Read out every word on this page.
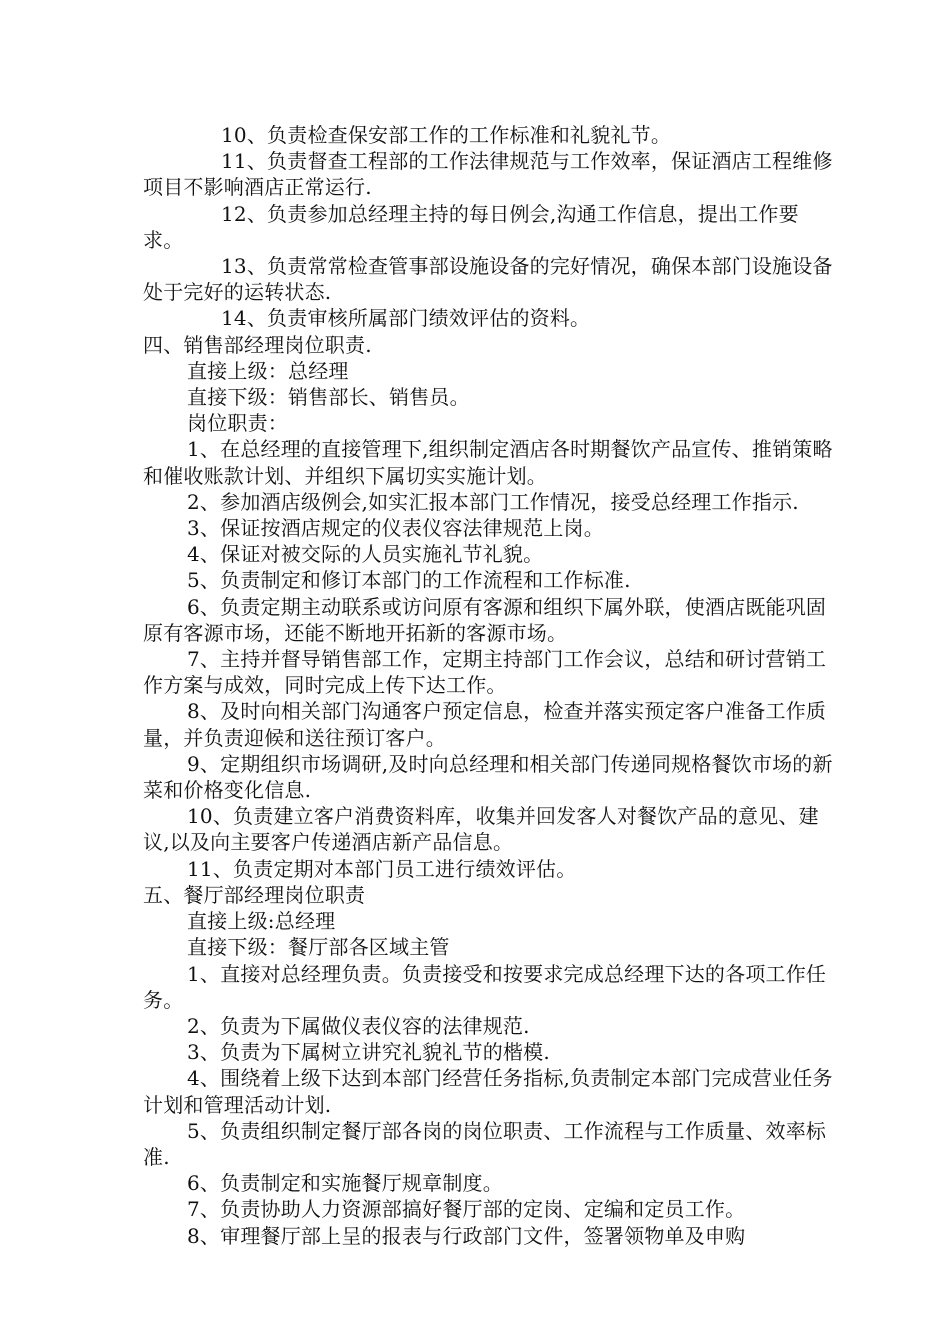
10、负责检查保安部工作的工作标准和礼貌礼节。

11、负责督查工程部的工作法律规范与工作效率，保证酒店工程维修项目不影响酒店正常运行.

12、负责参加总经理主持的每日例会,沟通工作信息，提出工作要求。

13、负责常常检查管事部设施设备的完好情况，确保本部门设施设备处于完好的运转状态.

14、负责审核所属部门绩效评估的资料。

四、销售部经理岗位职责.

直接上级：总经理

直接下级：销售部长、销售员。

岗位职责：

1、在总经理的直接管理下,组织制定酒店各时期餐饮产品宣传、推销策略和催收账款计划、并组织下属切实实施计划。

2、参加酒店级例会,如实汇报本部门工作情况，接受总经理工作指示.

3、保证按酒店规定的仪表仪容法律规范上岗。

4、保证对被交际的人员实施礼节礼貌。

5、负责制定和修订本部门的工作流程和工作标准.

6、负责定期主动联系或访问原有客源和组织下属外联，使酒店既能巩固原有客源市场，还能不断地开拓新的客源市场。

7、主持并督导销售部工作，定期主持部门工作会议，总结和研讨营销工作方案与成效，同时完成上传下达工作。

8、及时向相关部门沟通客户预定信息，检查并落实预定客户准备工作质量，并负责迎候和送往预订客户。

9、定期组织市场调研,及时向总经理和相关部门传递同规格餐饮市场的新菜和价格变化信息.

10、负责建立客户消费资料库，收集并回发客人对餐饮产品的意见、建议,以及向主要客户传递酒店新产品信息。

11、负责定期对本部门员工进行绩效评估。

五、餐厅部经理岗位职责

直接上级:总经理

直接下级：餐厅部各区域主管

1、直接对总经理负责。负责接受和按要求完成总经理下达的各项工作任务。

2、负责为下属做仪表仪容的法律规范.

3、负责为下属树立讲究礼貌礼节的楷模.

4、围绕着上级下达到本部门经营任务指标,负责制定本部门完成营业任务计划和管理活动计划.

5、负责组织制定餐厅部各岗的岗位职责、工作流程与工作质量、效率标准.

6、负责制定和实施餐厅规章制度。

7、负责协助人力资源部搞好餐厅部的定岗、定编和定员工作。

8、审理餐厅部上呈的报表与行政部门文件，签署领物单及申购
